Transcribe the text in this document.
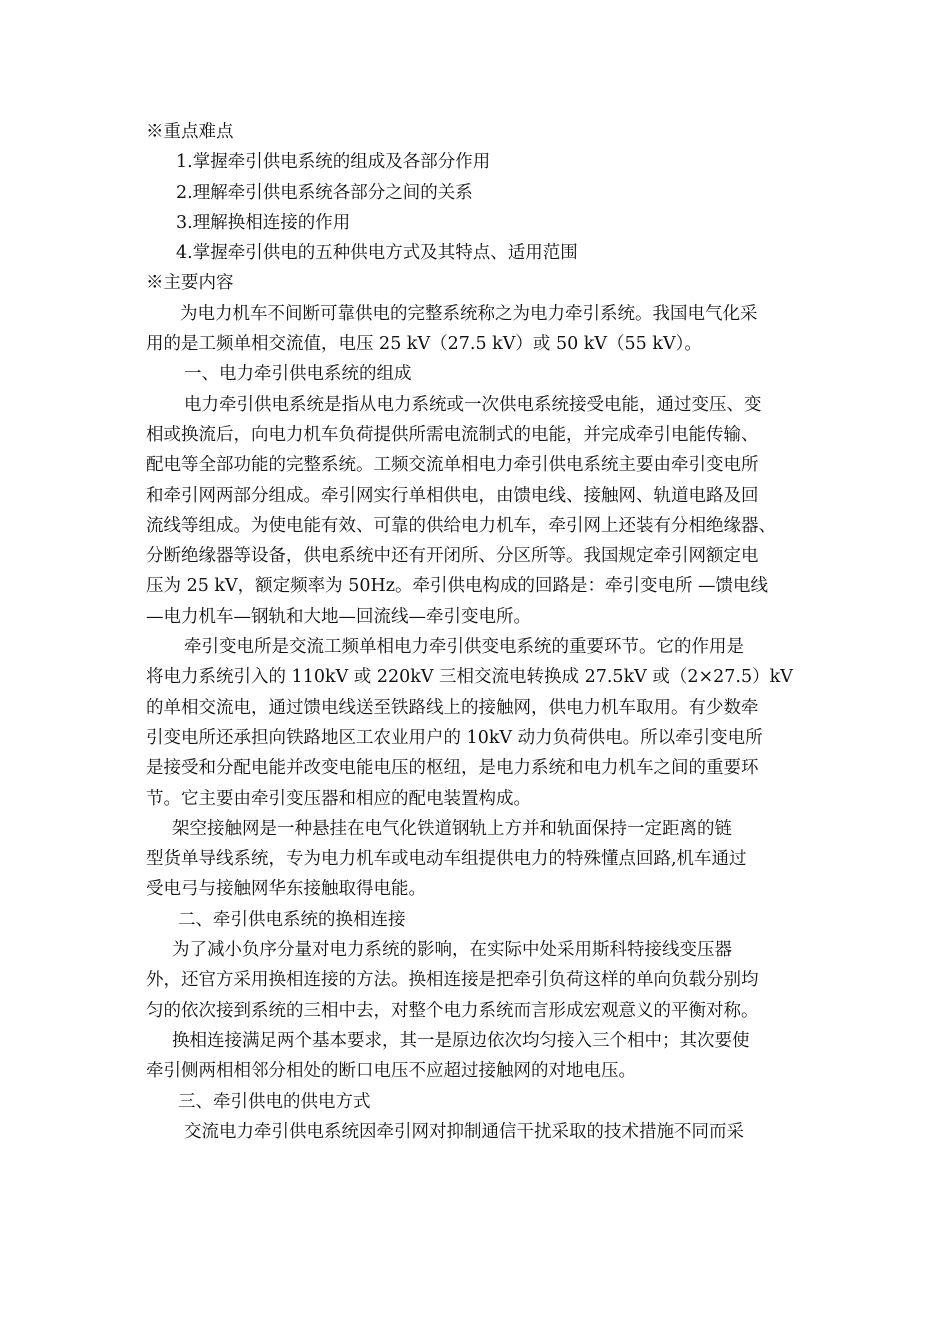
※重点难点
1.掌握牵引供电系统的组成及各部分作用
2.理解牵引供电系统各部分之间的关系
3.理解换相连接的作用
4.掌握牵引供电的五种供电方式及其特点、适用范围
※主要内容
为电力机车不间断可靠供电的完整系统称之为电力牵引系统。我国电气化采
用的是工频单相交流值，电压 25 kV（27.5 kV）或 50 kV（55 kV）。
一、电力牵引供电系统的组成
电力牵引供电系统是指从电力系统或一次供电系统接受电能，通过变压、变
相或换流后，向电力机车负荷提供所需电流制式的电能，并完成牵引电能传输、
配电等全部功能的完整系统。工频交流单相电力牵引供电系统主要由牵引变电所
和牵引网两部分组成。牵引网实行单相供电，由馈电线、接触网、轨道电路及回
流线等组成。为使电能有效、可靠的供给电力机车，牵引网上还装有分相绝缘器、
分断绝缘器等设备，供电系统中还有开闭所、分区所等。我国规定牵引网额定电
压为 25 kV，额定频率为 50Hz。牵引供电构成的回路是：牵引变电所 —馈电线
—电力机车—钢轨和大地—回流线—牵引变电所。
牵引变电所是交流工频单相电力牵引供变电系统的重要环节。它的作用是
将电力系统引入的 110kV 或 220kV 三相交流电转换成 27.5kV 或（2×27.5）kV
的单相交流电，通过馈电线送至铁路线上的接触网，供电力机车取用。有少数牵
引变电所还承担向铁路地区工农业用户的 10kV 动力负荷供电。所以牵引变电所
是接受和分配电能并改变电能电压的枢纽，是电力系统和电力机车之间的重要环
节。它主要由牵引变压器和相应的配电装置构成。
架空接触网是一种悬挂在电气化铁道钢轨上方并和轨面保持一定距离的链
型货单导线系统，专为电力机车或电动车组提供电力的特殊懂点回路,机车通过
受电弓与接触网华东接触取得电能。
二、牵引供电系统的换相连接
为了减小负序分量对电力系统的影响，在实际中处采用斯科特接线变压器
外，还官方采用换相连接的方法。换相连接是把牵引负荷这样的单向负载分别均
匀的依次接到系统的三相中去，对整个电力系统而言形成宏观意义的平衡对称。
换相连接满足两个基本要求，其一是原边依次均匀接入三个相中；其次要使
牵引侧两相相邻分相处的断口电压不应超过接触网的对地电压。
三、牵引供电的供电方式
交流电力牵引供电系统因牵引网对抑制通信干扰采取的技术措施不同而采
